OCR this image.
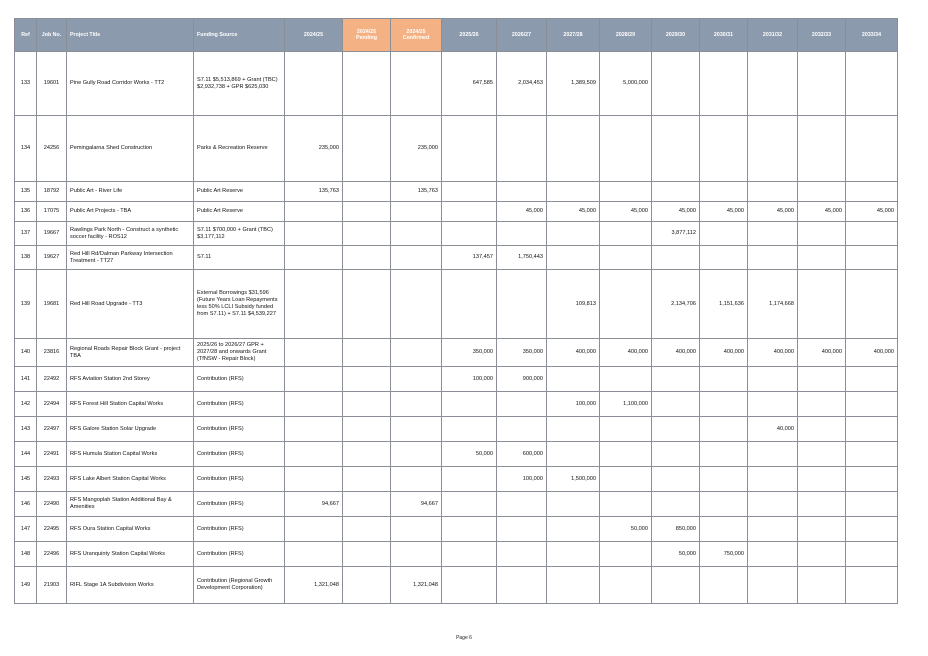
Ref	Job No.	Project Title	Funding Source	2024/25	2024/25 Pending	2024/25 Confirmed	2025/26	2026/27	2027/28	2028/29	2029/30	2030/31	2031/32	2032/33	2033/34
133	19601	Pine Gully Road Corridor Works - TT2	S7.11 $5,513,869 + Grant (TBC) $2,932,738 + GPR $625,030				647,585	2,034,453	1,389,509	5,000,000					
134	24256	Pemingalarna Shed Construction	Parks & Recreation Reserve	235,000		235,000									
135	18792	Public Art - River Life	Public Art Reserve	135,763		135,763									
136	17075	Public Art Projects - TBA	Public Art Reserve					45,000	45,000	45,000	45,000	45,000	45,000	45,000	45,000
137	19667	Rawlings Park North - Construct a synthetic soccer facility - ROS12	S7.11 $700,000 + Grant (TBC) $3,177,112								3,877,112				
138	19627	Red Hill Rd/Dalman Parkway Intersection Treatment - TT27	S7.11				137,457	1,750,443							
139	19681	Red Hill Road Upgrade - TT3	External Borrowings $31,596 (Future Years Loan Repayments less 50% LCLI Subsidy funded from S7.11) + S7.11 $4,539,227						109,813		2,134,706	1,151,636	1,174,668		
140	23816	Regional Roads Repair Block Grant - project TBA	2025/26 to 2026/27 GPR + 2027/28 and onwards Grant (TfNSW - Repair Block)				350,000	350,000	400,000	400,000	400,000	400,000	400,000	400,000	400,000
141	22492	RFS Aviation Station 2nd Storey	Contribution (RFS)				100,000	900,000							
142	22494	RFS Forest Hill Station Capital Works	Contribution (RFS)						100,000	1,100,000					
143	22497	RFS Galore Station Solar Upgrade	Contribution (RFS)										40,000		
144	22491	RFS Humula Station Capital Works	Contribution (RFS)				50,000	600,000							
145	22493	RFS Lake Albert Station Capital Works	Contribution (RFS)					100,000	1,500,000						
146	22490	RFS Mangoplah Station Additional Bay & Amenities	Contribution (RFS)	94,667		94,667									
147	22495	RFS Oura Station Capital Works	Contribution (RFS)							50,000	850,000				
148	22496	RFS Uranquinty Station Capital Works	Contribution (RFS)								50,000	750,000			
149	21903	RIFL Stage 1A Subdivision Works	Contribution (Regional Growth Development Corporation)	1,321,048		1,321,048									
Page 6
